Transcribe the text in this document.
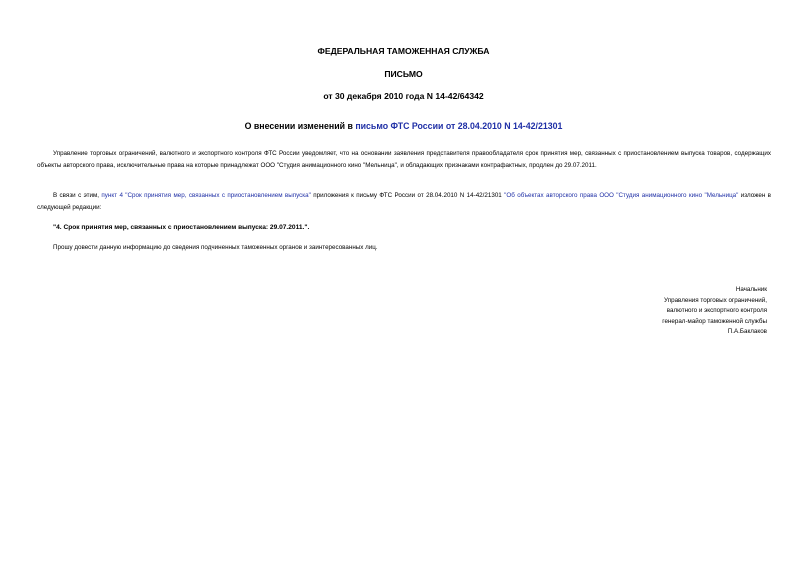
ФЕДЕРАЛЬНАЯ ТАМОЖЕННАЯ СЛУЖБА
ПИСЬМО
от 30 декабря 2010 года N 14-42/64342
О внесении изменений в письмо ФТС России от 28.04.2010 N 14-42/21301
Управление торговых ограничений, валютного и экспортного контроля ФТС России уведомляет, что на основании заявления представителя правообладателя срок принятия мер, связанных с приостановлением выпуска товаров, содержащих объекты авторского права, исключительные права на которые принадлежат ООО "Студия анимационного кино "Мельница", и обладающих признаками контрафактных, продлен до 29.07.2011.
В связи с этим, пункт 4 "Срок принятия мер, связанных с приостановлением выпуска" приложения к письму ФТС России от 28.04.2010 N 14-42/21301 "Об объектах авторского права ООО "Студия анимационного кино "Мельница" изложен в следующей редакции:
"4. Срок принятия мер, связанных с приостановлением выпуска: 29.07.2011.".
Прошу довести данную информацию до сведения подчиненных таможенных органов и заинтересованных лиц.
Начальник
Управления торговых ограничений,
валютного и экспортного контроля
генерал-майор таможенной службы
П.А.Баклаков
